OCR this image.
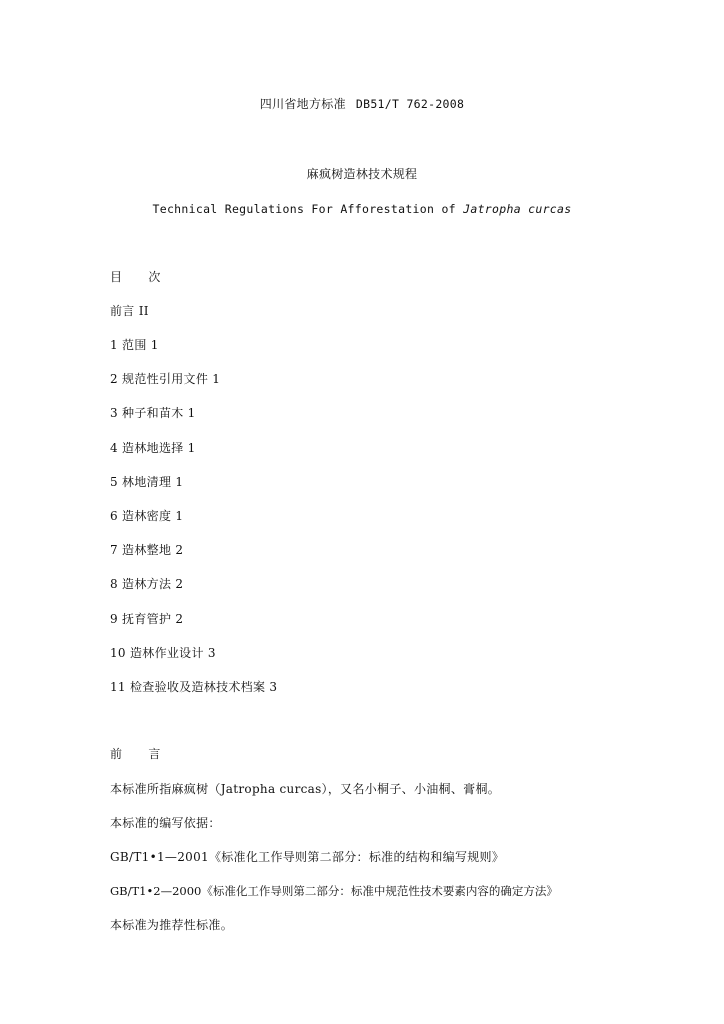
四川省地方标准 DB51/T 762-2008
麻疯树造林技术规程
Technical Regulations For Afforestation of Jatropha curcas
目 次
前言 II
1 范围 1
2 规范性引用文件 1
3 种子和苗木 1
4 造林地选择 1
5 林地清理 1
6 造林密度 1
7 造林整地 2
8 造林方法 2
9 抚育管护 2
10 造林作业设计 3
11 检查验收及造林技术档案 3
前 言
本标准所指麻疯树（Jatropha curcas），又名小桐子、小油桐、膏桐。
本标准的编写依据：
GB/T1•1—2001《标准化工作导则第二部分：标准的结构和编写规则》
GB/T1•2—2000《标准化工作导则第二部分：标准中规范性技术要素内容的确定方法》
本标准为推荐性标准。
